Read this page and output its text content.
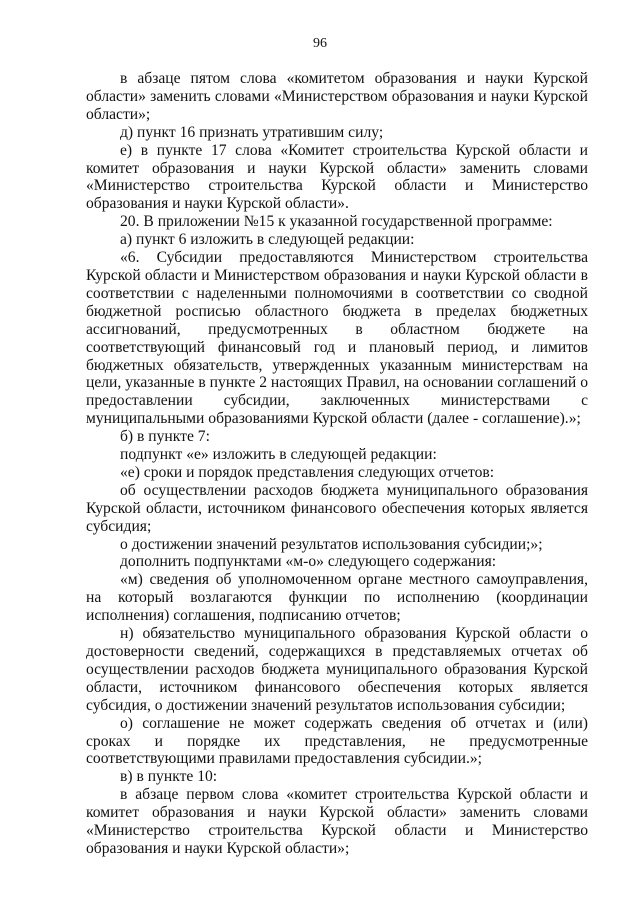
96

в абзаце пятом слова «комитетом образования и науки Курской области» заменить словами «Министерством образования и науки Курской области»;

д) пункт 16 признать утратившим силу;

е) в пункте 17 слова «Комитет строительства Курской области и комитет образования и науки Курской области» заменить словами «Министерство строительства Курской области и Министерство образования и науки Курской области».

20. В приложении №15 к указанной государственной программе:

а) пункт 6 изложить в следующей редакции:

«6. Субсидии предоставляются Министерством строительства Курской области и Министерством образования и науки Курской области в соответствии с наделенными полномочиями в соответствии со сводной бюджетной росписью областного бюджета в пределах бюджетных ассигнований, предусмотренных в областном бюджете на соответствующий финансовый год и плановый период, и лимитов бюджетных обязательств, утвержденных указанным министерствам на цели, указанные в пункте 2 настоящих Правил, на основании соглашений о предоставлении субсидии, заключенных министерствами с муниципальными образованиями Курской области (далее - соглашение).»;

б) в пункте 7:

подпункт «е» изложить в следующей редакции:

«е) сроки и порядок представления следующих отчетов:

об осуществлении расходов бюджета муниципального образования Курской области, источником финансового обеспечения которых является субсидия;

о достижении значений результатов использования субсидии;»;

дополнить подпунктами «м-о» следующего содержания:

«м) сведения об уполномоченном органе местного самоуправления, на который возлагаются функции по исполнению (координации исполнения) соглашения, подписанию отчетов;

н) обязательство муниципального образования Курской области о достоверности сведений, содержащихся в представляемых отчетах об осуществлении расходов бюджета муниципального образования Курской области, источником финансового обеспечения которых является субсидия, о достижении значений результатов использования субсидии;

о) соглашение не может содержать сведения об отчетах и (или) сроках и порядке их представления, не предусмотренные соответствующими правилами предоставления субсидии.»;

в) в пункте 10:

в абзаце первом слова «комитет строительства Курской области и комитет образования и науки Курской области» заменить словами «Министерство строительства Курской области и Министерство образования и науки Курской области»;
